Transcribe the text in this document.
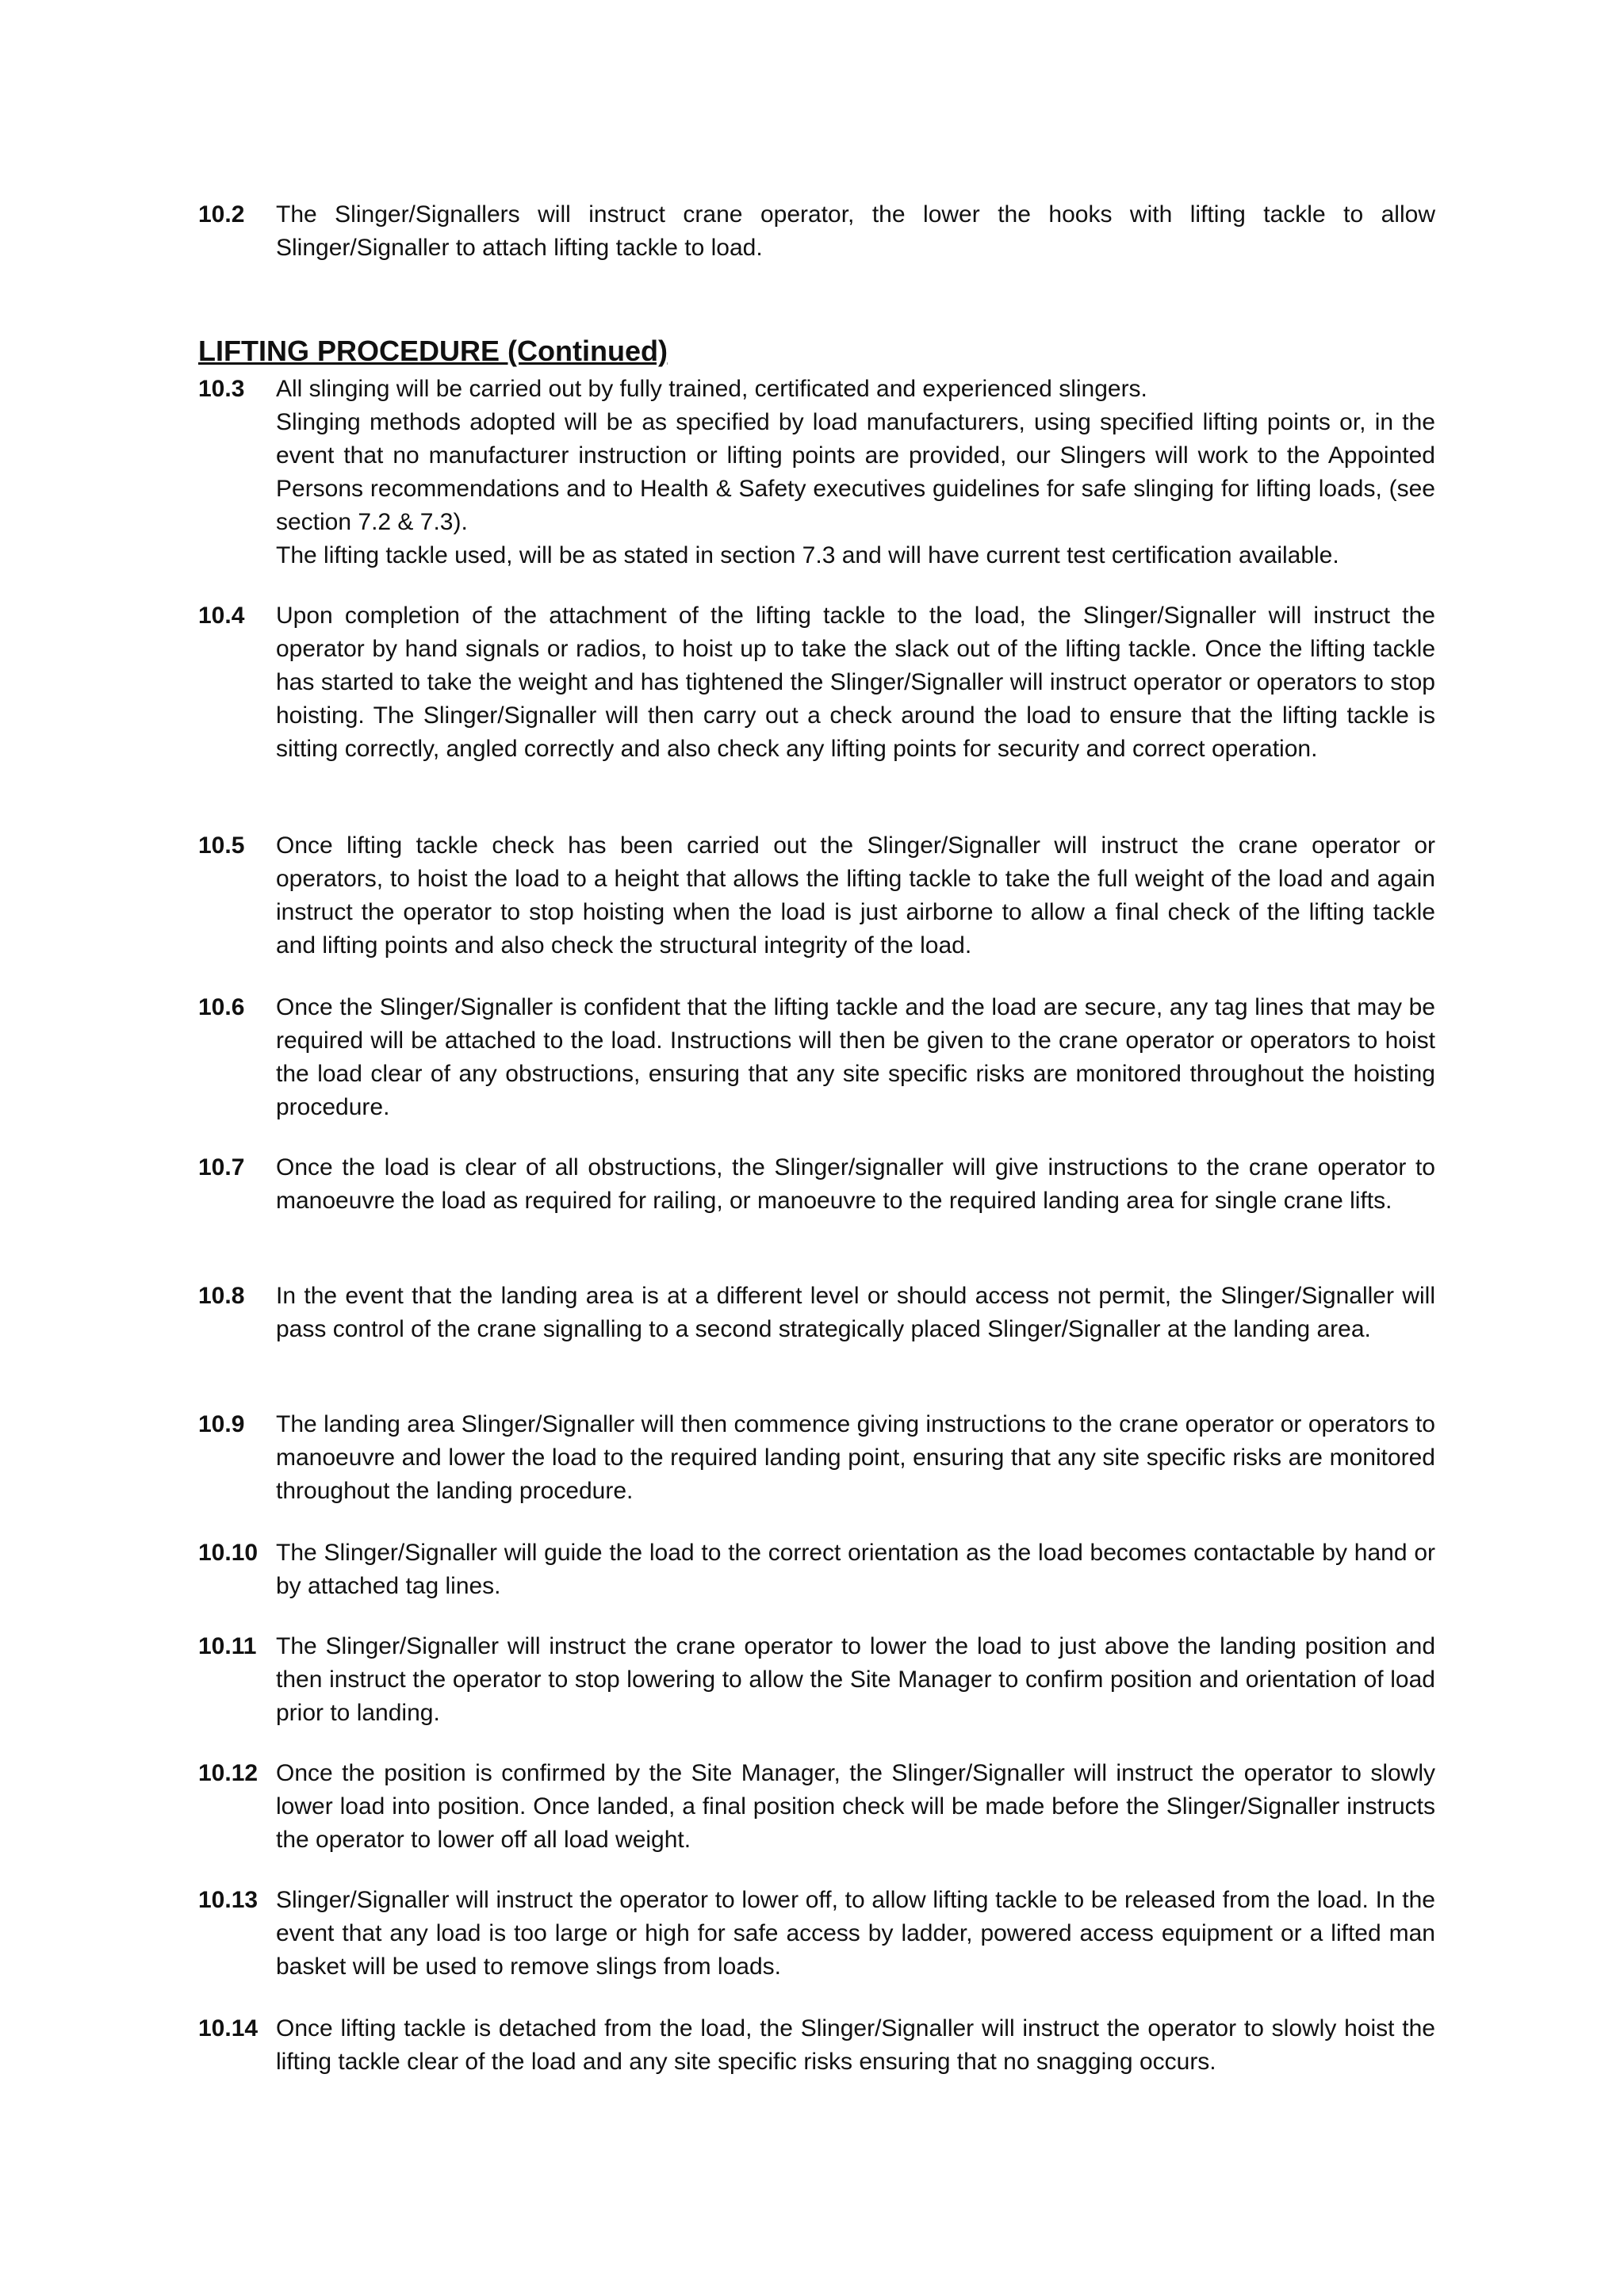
10.2	The Slinger/Signallers will instruct crane operator, the lower the hooks with lifting tackle to allow Slinger/Signaller to attach lifting tackle to load.

LIFTING PROCEDURE (Continued)
10.3	All slinging will be carried out by fully trained, certificated and experienced slingers.

Slinging methods adopted will be as specified by load manufacturers, using specified lifting points or, in the event that no manufacturer instruction or lifting points are provided, our Slingers will work to the Appointed Persons recommendations and to Health & Safety executives guidelines for safe slinging for lifting loads, (see section 7.2 & 7.3).

The lifting tackle used, will be as stated in section 7.3 and will have current test certification available.

10.4	Upon completion of the attachment of the lifting tackle to the load, the Slinger/Signaller will instruct the operator by hand signals or radios, to hoist up to take the slack out of the lifting tackle. Once the lifting tackle has started to take the weight and has tightened the Slinger/Signaller will instruct operator or operators to stop hoisting. The Slinger/Signaller will then carry out a check around the load to ensure that the lifting tackle is sitting correctly, angled correctly and also check any lifting points for security and correct operation.

10.5	Once lifting tackle check has been carried out the Slinger/Signaller will instruct the crane operator or operators, to hoist the load to a height that allows the lifting tackle to take the full weight of the load and again instruct the operator to stop hoisting when the load is just airborne to allow a final check of the lifting tackle and lifting points and also check the structural integrity of the load.

10.6	Once the Slinger/Signaller is confident that the lifting tackle and the load are secure, any tag lines that may be required will be attached to the load. Instructions will then be given to the crane operator or operators to hoist the load clear of any obstructions, ensuring that any site specific risks are monitored throughout the hoisting procedure.

10.7	Once the load is clear of all obstructions, the Slinger/signaller will give instructions to the crane operator to manoeuvre the load as required for railing, or manoeuvre to the required landing area for single crane lifts.

10.8	In the event that the landing area is at a different level or should access not permit, the Slinger/Signaller will pass control of the crane signalling to a second strategically placed Slinger/Signaller at the landing area.

10.9	The landing area Slinger/Signaller will then commence giving instructions to the crane operator or operators to manoeuvre and lower the load to the required landing point, ensuring that any site specific risks are monitored throughout the landing procedure.

10.10 The Slinger/Signaller will guide the load to the correct orientation as the load becomes contactable by hand or by attached tag lines.

10.11 The Slinger/Signaller will instruct the crane operator to lower the load to just above the landing position and then instruct the operator to stop lowering to allow the Site Manager to confirm position and orientation of load prior to landing.

10.12 Once the position is confirmed by the Site Manager, the Slinger/Signaller will instruct the operator to slowly lower load into position. Once landed, a final position check will be made before the Slinger/Signaller instructs the operator to lower off all load weight.

10.13 Slinger/Signaller will instruct the operator to lower off, to allow lifting tackle to be released from the load. In the event that any load is too large or high for safe access by ladder, powered access equipment or a lifted man basket will be used to remove slings from loads.

10.14 Once lifting tackle is detached from the load, the Slinger/Signaller will instruct the operator to slowly hoist the lifting tackle clear of the load and any site specific risks ensuring that no snagging occurs.
